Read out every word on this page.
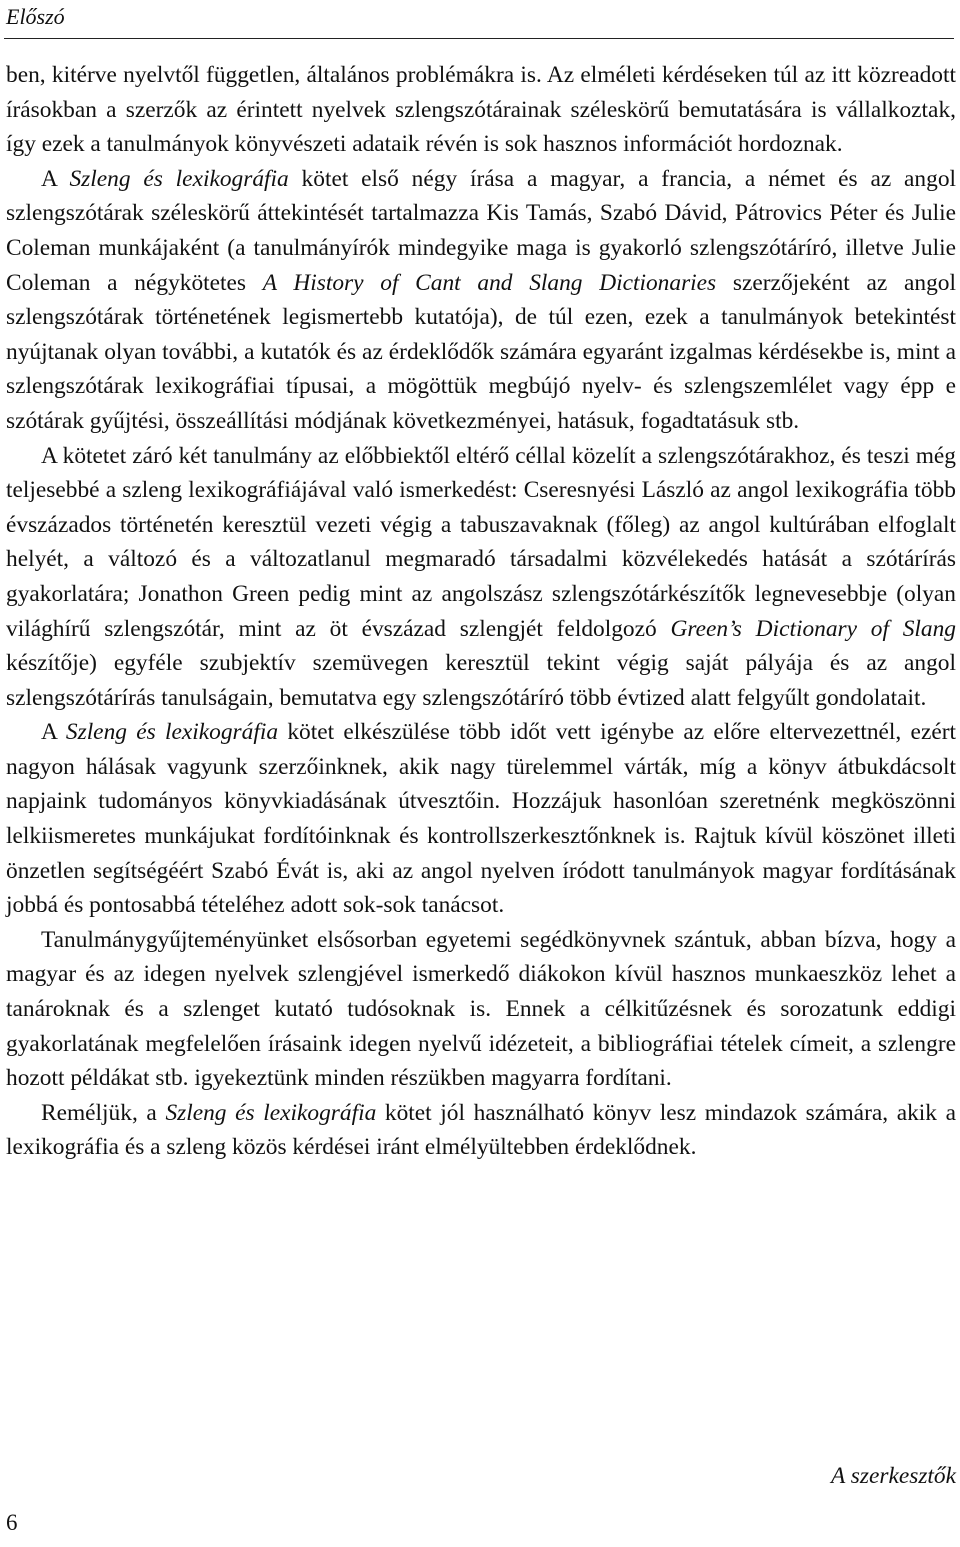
Előszó

ben, kitérve nyelvtől független, általános problémákra is. Az elméleti kérdéseken túl az itt közreadott írásokban a szerzők az érintett nyelvek szlengszótárainak széleskörű bemutatására is vállalkoztak, így ezek a tanulmányok könyvészeti adataik révén is sok hasznos információt hordoznak.

A Szleng és lexikográfia kötet első négy írása a magyar, a francia, a német és az angol szlengszótárak széleskörű áttekintését tartalmazza Kis Tamás, Szabó Dávid, Pátrovics Péter és Julie Coleman munkájaként (a tanulmányírók mindegyike maga is gyakorló szlengszótáríró, illetve Julie Coleman a négykötetes A History of Cant and Slang Dictionaries szerzőjeként az angol szlengszótárak történetének legismertebb kutatója), de túl ezen, ezek a tanulmányok betekintést nyújtanak olyan további, a kutatók és az érdeklődők számára egyaránt izgalmas kérdésekbe is, mint a szlengszótárak lexikográfiai típusai, a mögöttük megbújó nyelv- és szlengszemlélet vagy épp e szótárak gyűjtési, összeállítási módjának következményei, hatásuk, fogadtatásuk stb.

A kötetet záró két tanulmány az előbbiektől eltérő céllal közelít a szlengszótárakhoz, és teszi még teljesebbé a szleng lexikográfiájával való ismerkedést: Cseresnyési László az angol lexikográfia több évszázados történetén keresztül vezeti végig a tabuszavaknak (főleg) az angol kultúrában elfoglalt helyét, a változó és a változatlanul megmaradó társadalmi közvélekedés hatását a szótárírás gyakorlatára; Jonathon Green pedig mint az angolszász szlengszótárkészítők legnevesebbje (olyan világhírű szlengszótár, mint az öt évszázad szlengjét feldolgozó Green’s Dictionary of Slang készítője) egyféle szubjektív szemüvegen keresztül tekint végig saját pályája és az angol szlengszótárírás tanulságain, bemutatva egy szlengszótáríró több évtized alatt felgyűlt gondolatait.

A Szleng és lexikográfia kötet elkészülése több időt vett igénybe az előre eltervezettnél, ezért nagyon hálásak vagyunk szerzőinknek, akik nagy türelemmel várták, míg a könyv átbukdácsolt napjaink tudományos könyvkiadásának útvesztőin. Hozzájuk hasonlóan szeretnénk megköszönni lelkiismeretes munkájukat fordítóinknak és kontrollszerkesztőnknek is. Rajtuk kívül köszönet illeti önzetlen segítségéért Szabó Évát is, aki az angol nyelven íródott tanulmányok magyar fordításának jobbá és pontosabbá tételéhez adott sok-sok tanácsot.

Tanulmánygyűjteményünket elsősorban egyetemi segédkönyvnek szántuk, abban bízva, hogy a magyar és az idegen nyelvek szlengjével ismerkedő diákokon kívül hasznos munkaeszköz lehet a tanároknak és a szlenget kutató tudósoknak is. Ennek a célkitűzésnek és sorozatunk eddigi gyakorlatának megfelelően írásaink idegen nyelvű idézeteit, a bibliográfiai tételek címeit, a szlengre hozott példákat stb. igyekeztünk minden részükben magyarra fordítani.

Reméljük, a Szleng és lexikográfia kötet jól használható könyv lesz mindazok számára, akik a lexikográfia és a szleng közös kérdései iránt elmélyültebben érdeklődnek.

A szerkesztők
6
